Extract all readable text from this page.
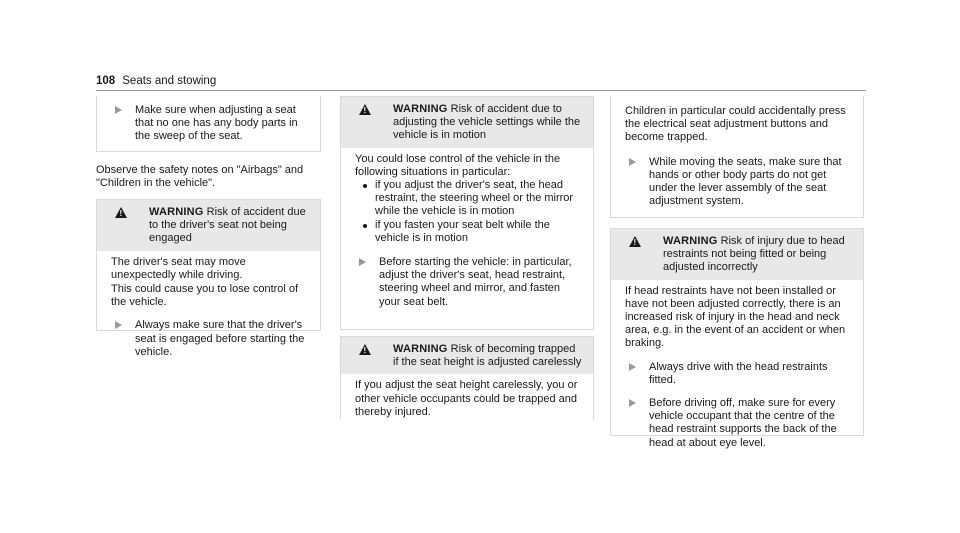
108 Seats and stowing
Make sure when adjusting a seat that no one has any body parts in the sweep of the seat.
Observe the safety notes on "Airbags" and "Children in the vehicle".
!
WARNING Risk of accident due to the driver's seat not being engaged

The driver's seat may move unexpectedly while driving.

This could cause you to lose control of the vehicle.

Always make sure that the driver's seat is engaged before starting the vehicle.
!
WARNING Risk of accident due to adjusting the vehicle settings while the vehicle is in motion

You could lose control of the vehicle in the following situations in particular:

if you adjust the driver's seat, the head restraint, the steering wheel or the mirror while the vehicle is in motion
if you fasten your seat belt while the vehicle is in motion
Before starting the vehicle: in particular, adjust the driver's seat, head restraint, steering wheel and mirror, and fasten your seat belt.
!
WARNING Risk of becoming trapped if the seat height is adjusted carelessly

If you adjust the seat height carelessly, you or other vehicle occupants could be trapped and thereby injured.

Children in particular could accidentally press the electrical seat adjustment buttons and become trapped.

While moving the seats, make sure that hands or other body parts do not get under the lever assembly of the seat adjustment system.
!
WARNING Risk of injury due to head restraints not being fitted or being adjusted incorrectly

If head restraints have not been installed or have not been adjusted correctly, there is an increased risk of injury in the head and neck area, e.g. in the event of an accident or when braking.

Always drive with the head restraints fitted.
Before driving off, make sure for every vehicle occupant that the centre of the head restraint supports the back of the head at about eye level.
